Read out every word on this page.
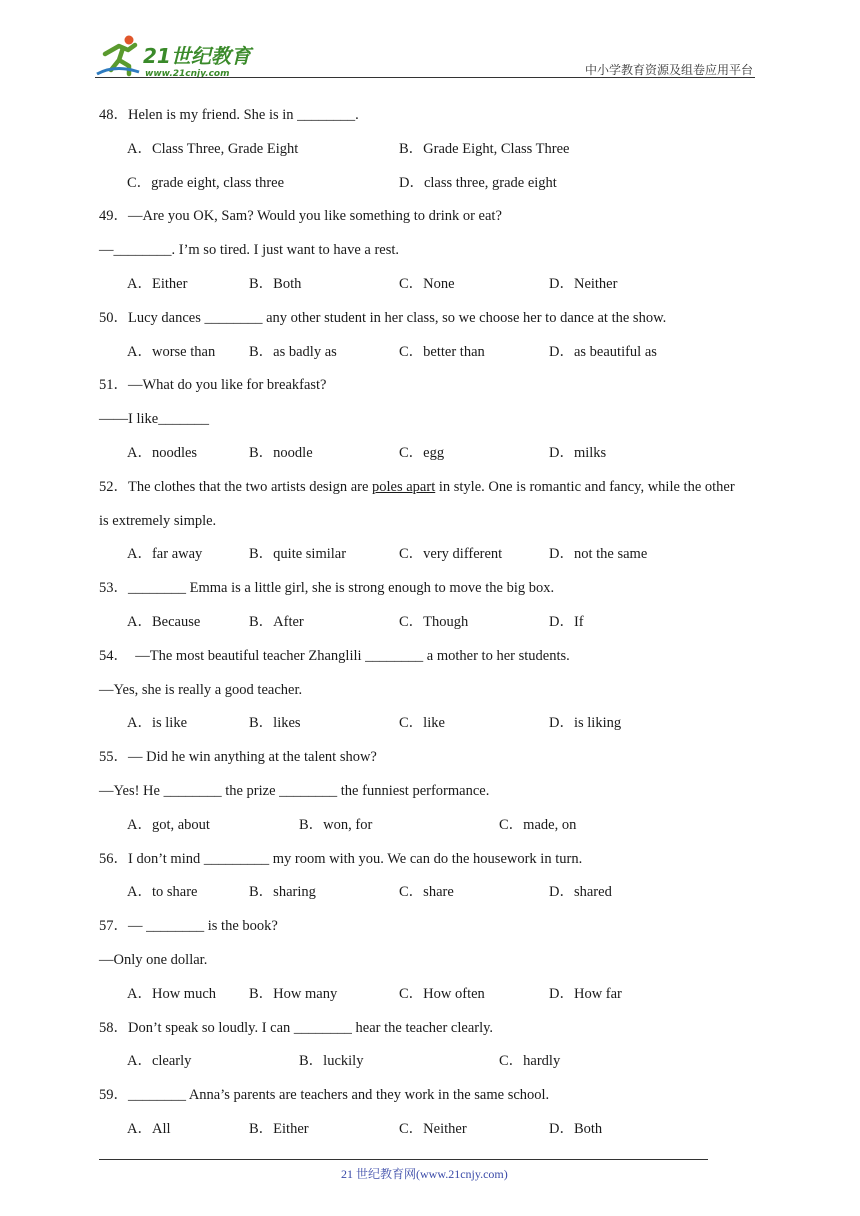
21世纪教育
www.21cnjy.com	中小学教育资源及组卷应用平台
48．Helen is my friend. She is in ________.
A．Class Three, Grade Eight	B．Grade Eight, Class Three
C．grade eight, class three	D．class three, grade eight
49．—Are you OK, Sam? Would you like something to drink or eat?
—________. I’m so tired. I just want to have a rest.
A．Either	B．Both	C．None	D．Neither
50．Lucy dances ________ any other student in her class, so we choose her to dance at the show.
A．worse than B．as badly as	C．better than	D．as beautiful as
51．—What do you like for breakfast?
——I like_______
A．noodles	B．noodle	C．egg	D．milks
52．The clothes that the two artists design are poles apart in style. One is romantic and fancy, while the other
is extremely simple.
A．far away	B．quite similar	C．very different	D．not the same
53．________ Emma is a little girl, she is strong enough to move the big box.
A．Because	B．After	C．Though	D．If
54．  —The most beautiful teacher Zhanglili ________ a mother to her students.
—Yes, she is really a good teacher.
A．is like	B．likes	C．like	D．is liking
55．— Did he win anything at the talent show?
—Yes! He ________ the prize ________ the funniest performance.
A．got, about	B．won, for	C．made, on
56．I don’t mind _________ my room with you. We can do the housework in turn.
A．to share	B．sharing	C．share	D．shared
57．— ________ is the book?
—Only one dollar.
A．How much B．How many	C．How often	D．How far
58．Don’t speak so loudly. I can ________ hear the teacher clearly.
A．clearly	B．luckily	C．hardly
59．________ Anna’s parents are teachers and they work in the same school.
A．All	B．Either	C．Neither	D．Both
21 世纪教育网(www.21cnjy.com)
